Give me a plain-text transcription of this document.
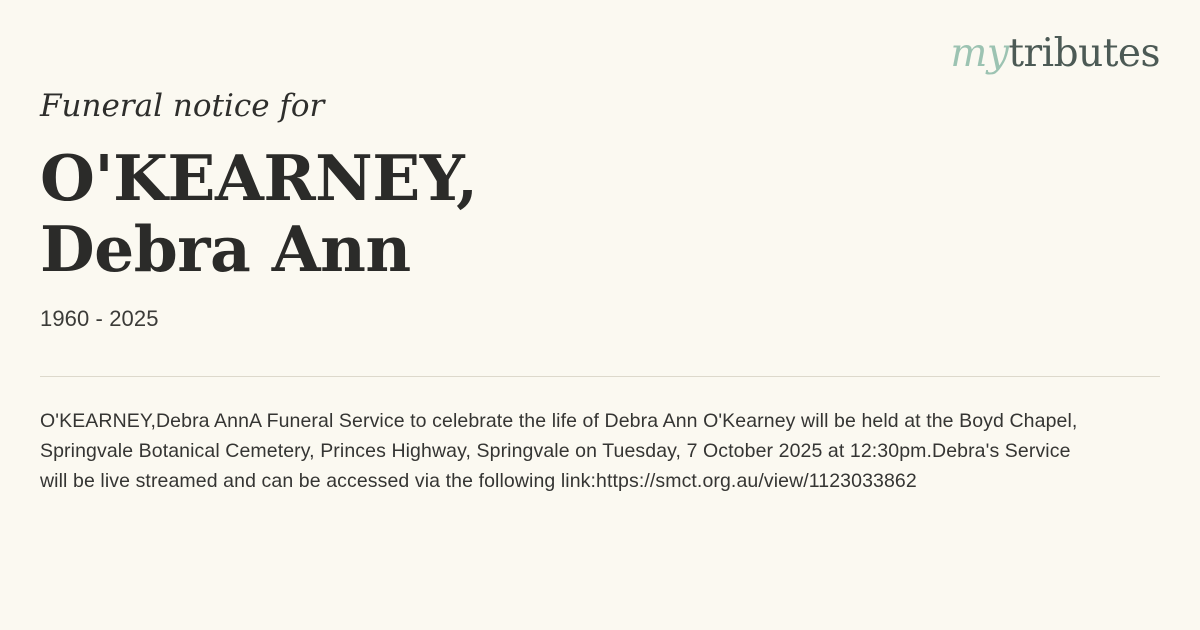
mytributes

Funeral notice for

O'KEARNEY,
Debra Ann

1960 - 2025

O'KEARNEY,Debra AnnA Funeral Service to celebrate the life of Debra Ann O'Kearney will be held at the Boyd Chapel, Springvale Botanical Cemetery, Princes Highway, Springvale on Tuesday, 7 October 2025 at 12:30pm.Debra's Service will be live streamed and can be accessed via the following link:https://smct.org.au/view/1123033862
